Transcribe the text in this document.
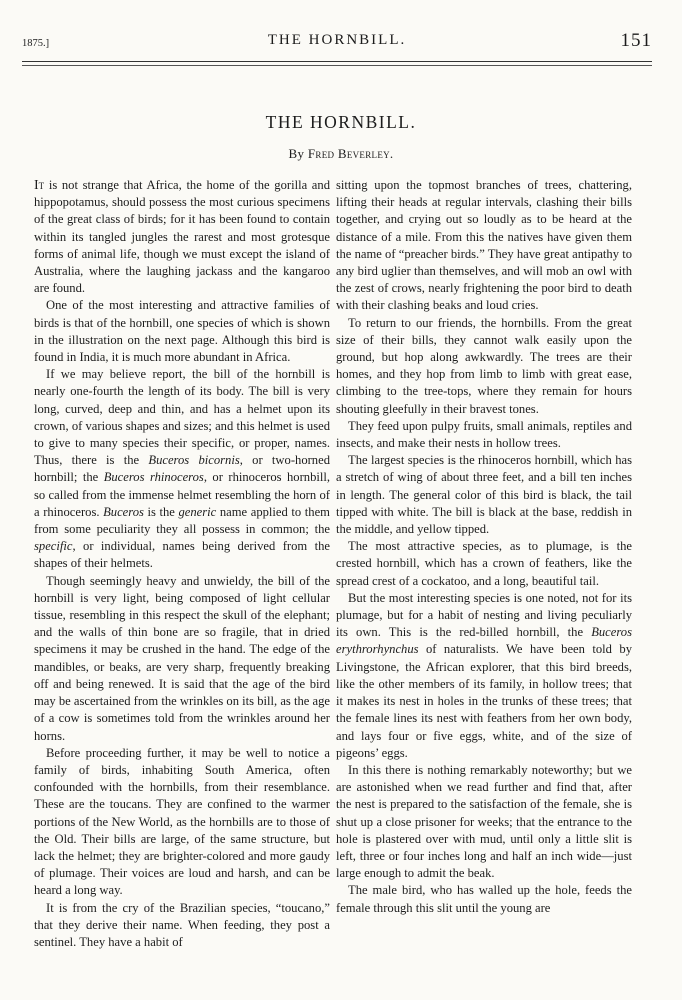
1875.]	THE HORNBILL.	151
THE HORNBILL.
By Fred Beverley.

It is not strange that Africa, the home of the gorilla and hippopotamus, should possess the most curious specimens of the great class of birds; for it has been found to contain within its tangled jungles the rarest and most grotesque forms of animal life, though we must except the island of Australia, where the laughing jackass and the kangaroo are found.

One of the most interesting and attractive families of birds is that of the hornbill, one species of which is shown in the illustration on the next page. Although this bird is found in India, it is much more abundant in Africa.

If we may believe report, the bill of the hornbill is nearly one-fourth the length of its body. The bill is very long, curved, deep and thin, and has a helmet upon its crown, of various shapes and sizes; and this helmet is used to give to many species their specific, or proper, names. Thus, there is the Buceros bicornis, or two-horned hornbill; the Buceros rhinoceros, or rhinoceros hornbill, so called from the immense helmet resembling the horn of a rhinoceros. Buceros is the generic name applied to them from some peculiarity they all possess in common; the specific, or individual, names being derived from the shapes of their helmets.

Though seemingly heavy and unwieldy, the bill of the hornbill is very light, being composed of light cellular tissue, resembling in this respect the skull of the elephant; and the walls of thin bone are so fragile, that in dried specimens it may be crushed in the hand. The edge of the mandibles, or beaks, are very sharp, frequently breaking off and being renewed. It is said that the age of the bird may be ascertained from the wrinkles on its bill, as the age of a cow is sometimes told from the wrinkles around her horns.

Before proceeding further, it may be well to notice a family of birds, inhabiting South America, often confounded with the hornbills, from their resemblance. These are the toucans. They are confined to the warmer portions of the New World, as the hornbills are to those of the Old. Their bills are large, of the same structure, but lack the helmet; they are brighter-colored and more gaudy of plumage. Their voices are loud and harsh, and can be heard a long way.

It is from the cry of the Brazilian species, “toucano,” that they derive their name. When feeding, they post a sentinel. They have a habit of

sitting upon the topmost branches of trees, chattering, lifting their heads at regular intervals, clashing their bills together, and crying out so loudly as to be heard at the distance of a mile. From this the natives have given them the name of “preacher birds.” They have great antipathy to any bird uglier than themselves, and will mob an owl with the zest of crows, nearly frightening the poor bird to death with their clashing beaks and loud cries.

To return to our friends, the hornbills. From the great size of their bills, they cannot walk easily upon the ground, but hop along awkwardly. The trees are their homes, and they hop from limb to limb with great ease, climbing to the tree-tops, where they remain for hours shouting gleefully in their bravest tones.

They feed upon pulpy fruits, small animals, reptiles and insects, and make their nests in hollow trees.

The largest species is the rhinoceros hornbill, which has a stretch of wing of about three feet, and a bill ten inches in length. The general color of this bird is black, the tail tipped with white. The bill is black at the base, reddish in the middle, and yellow tipped.

The most attractive species, as to plumage, is the crested hornbill, which has a crown of feathers, like the spread crest of a cockatoo, and a long, beautiful tail.

But the most interesting species is one noted, not for its plumage, but for a habit of nesting and living peculiarly its own. This is the red-billed hornbill, the Buceros erythrorhynchus of naturalists. We have been told by Livingstone, the African explorer, that this bird breeds, like the other members of its family, in hollow trees; that it makes its nest in holes in the trunks of these trees; that the female lines its nest with feathers from her own body, and lays four or five eggs, white, and of the size of pigeons’ eggs.

In this there is nothing remarkably noteworthy; but we are astonished when we read further and find that, after the nest is prepared to the satisfaction of the female, she is shut up a close prisoner for weeks; that the entrance to the hole is plastered over with mud, until only a little slit is left, three or four inches long and half an inch wide—just large enough to admit the beak.

The male bird, who has walled up the hole, feeds the female through this slit until the young are
